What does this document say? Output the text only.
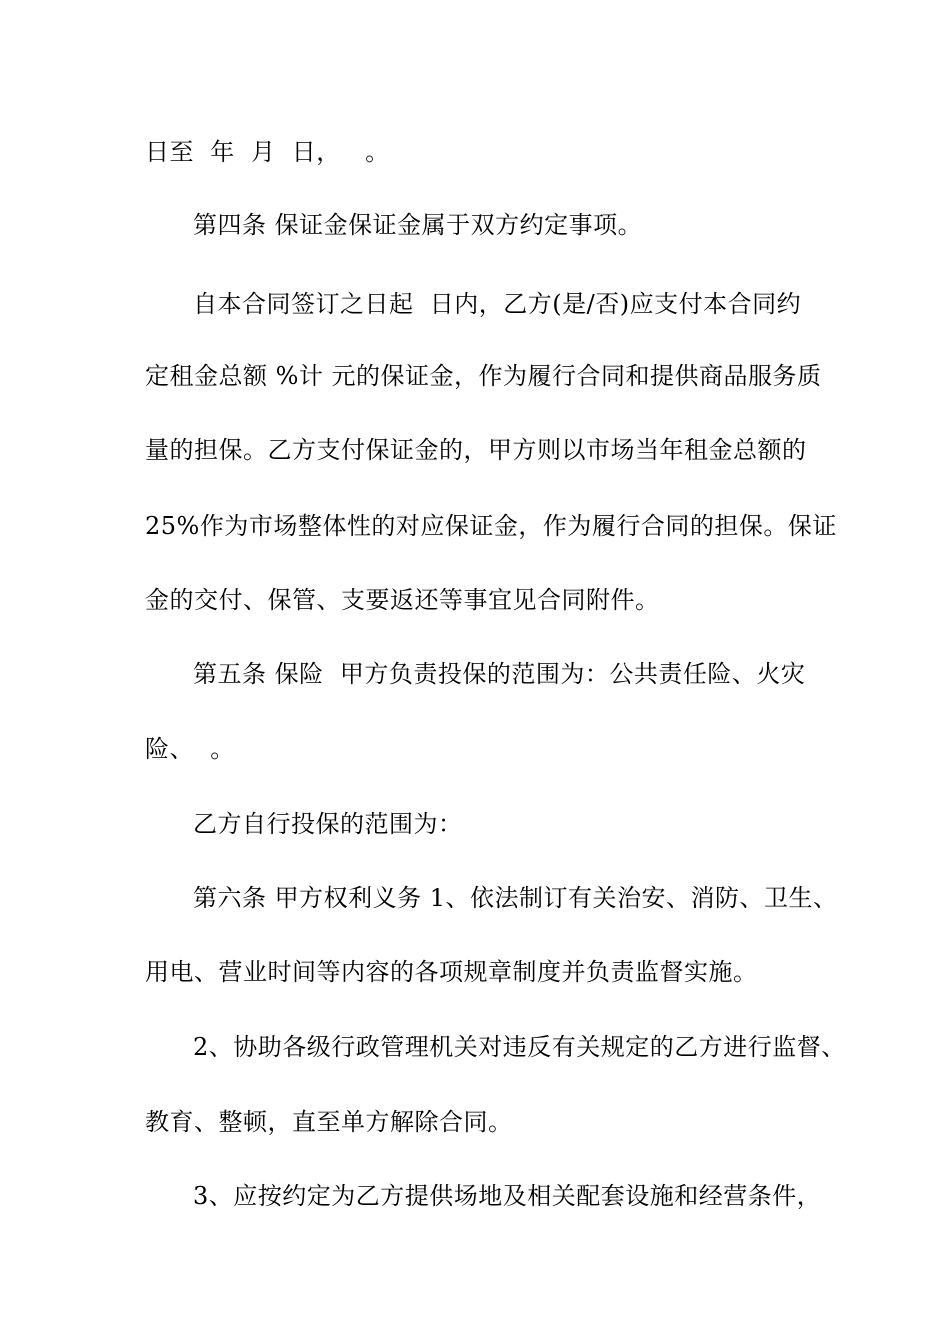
日至  年  月  日，   。
第四条 保证金保证金属于双方约定事项。
自本合同签订之日起  日内，乙方(是/否)应支付本合同约
定租金总额 %计 元的保证金，作为履行合同和提供商品服务质
量的担保。乙方支付保证金的，甲方则以市场当年租金总额的
25%作为市场整体性的对应保证金，作为履行合同的担保。保证
金的交付、保管、支要返还等事宜见合同附件。
第五条 保险  甲方负责投保的范围为：公共责任险、火灾
险、  。
乙方自行投保的范围为：
第六条 甲方权利义务 1、依法制订有关治安、消防、卫生、
用电、营业时间等内容的各项规章制度并负责监督实施。
2、协助各级行政管理机关对违反有关规定的乙方进行监督、
教育、整顿，直至单方解除合同。
3、应按约定为乙方提供场地及相关配套设施和经营条件，
